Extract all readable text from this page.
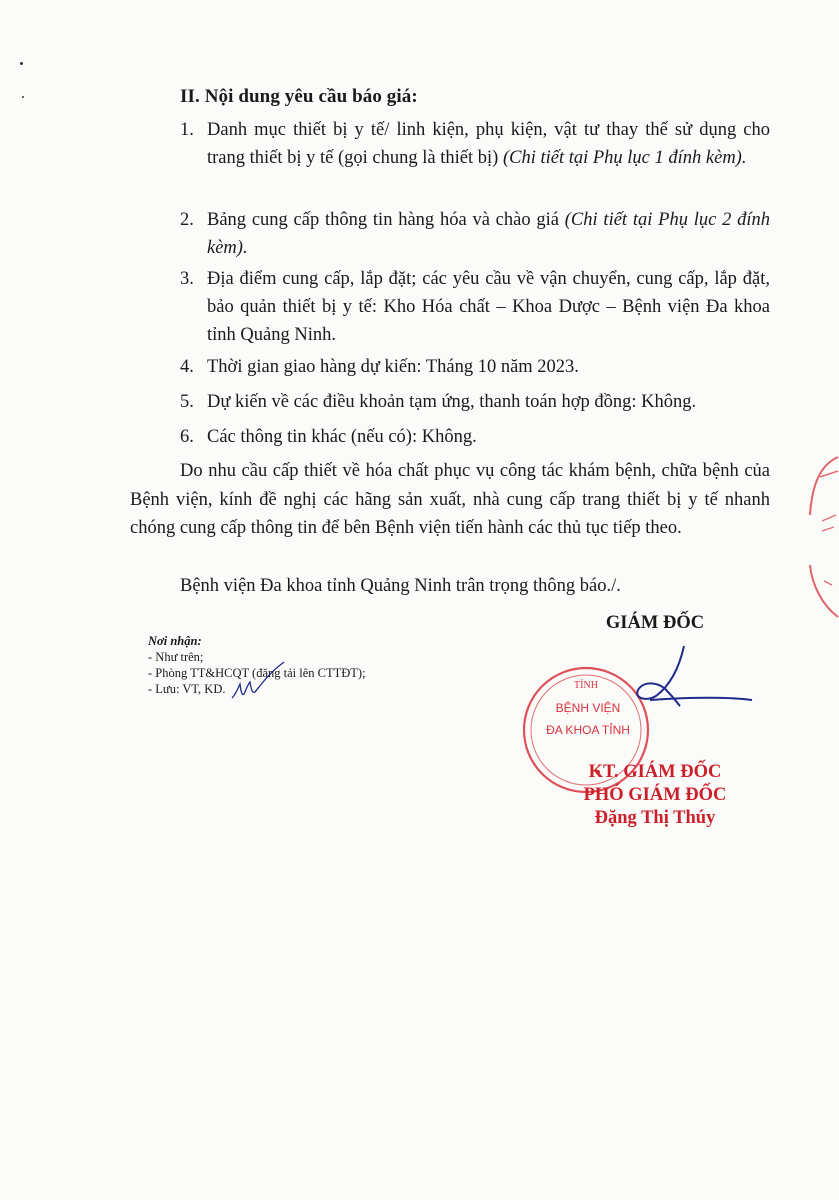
II. Nội dung yêu cầu báo giá:
1. Danh mục thiết bị y tế/ linh kiện, phụ kiện, vật tư thay thế sử dụng cho trang thiết bị y tế (gọi chung là thiết bị) (Chi tiết tại Phụ lục 1 đính kèm).
2. Bảng cung cấp thông tin hàng hóa và chào giá (Chi tiết tại Phụ lục 2 đính kèm).
3. Địa điểm cung cấp, lắp đặt; các yêu cầu về vận chuyển, cung cấp, lắp đặt, bảo quản thiết bị y tế: Kho Hóa chất – Khoa Dược – Bệnh viện Đa khoa tỉnh Quảng Ninh.
4. Thời gian giao hàng dự kiến: Tháng 10 năm 2023.
5. Dự kiến về các điều khoản tạm ứng, thanh toán hợp đồng: Không.
6. Các thông tin khác (nếu có): Không.
Do nhu cầu cấp thiết về hóa chất phục vụ công tác khám bệnh, chữa bệnh của Bệnh viện, kính đề nghị các hãng sản xuất, nhà cung cấp trang thiết bị y tế nhanh chóng cung cấp thông tin để bên Bệnh viện tiến hành các thủ tục tiếp theo.
Bệnh viện Đa khoa tỉnh Quảng Ninh trân trọng thông báo./.
Nơi nhận:
- Như trên;
- Phòng TT&HCQT (đăng tải lên CTTĐT);
- Lưu: VT, KD.
GIÁM ĐỐC
TỈNH
BỆNH VIỆN
ĐA KHOA TỈNH
KT. GIÁM ĐỐC
PHÓ GIÁM ĐỐC
Đặng Thị Thúy
